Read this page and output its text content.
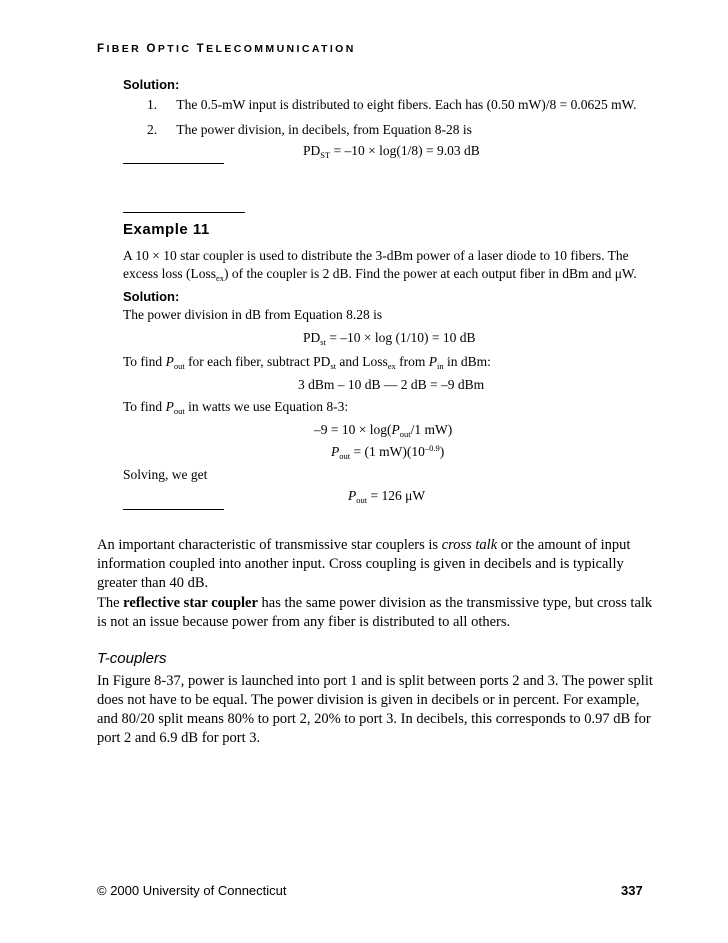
FIBER OPTIC TELECOMMUNICATION
Solution:
1. The 0.5-mW input is distributed to eight fibers. Each has (0.50 mW)/8 = 0.0625 mW.
2. The power division, in decibels, from Equation 8-28 is
$PD_{ST} = -10 \times \log(1/8) = 9.03$ dB
Example 11
A 10 × 10 star coupler is used to distribute the 3-dBm power of a laser diode to 10 fibers. The
excess loss (Loss$_{ex}$) of the coupler is 2 dB. Find the power at each output fiber in dBm and μW.
Solution:
The power division in dB from Equation 8.28 is
$PD_{st} = -10 \times \log (1/10) = 10$ dB
To find $P_{out}$ for each fiber, subtract $PD_{st}$ and Loss$_{ex}$ from $P_{in}$ in dBm:
3 dBm – 10 dB — 2 dB = –9 dBm
To find $P_{out}$ in watts we use Equation 8-3:
$-9 = 10 \times \log(P_{out}/1$ mW)
$P_{out} = (1$ $mW)(10^{-0.9})$
Solving, we get
$P_{out} = 126$ μW
An important characteristic of transmissive star couplers is cross talk or the amount of input
information coupled into another input. Cross coupling is given in decibels and is typically
greater than 40 dB.
The reflective star coupler has the same power division as the transmissive type, but cross talk
is not an issue because power from any fiber is distributed to all others.
T-couplers
In Figure 8-37, power is launched into port 1 and is split between ports 2 and 3. The power split
does not have to be equal. The power division is given in decibels or in percent. For example,
and 80/20 split means 80% to port 2, 20% to port 3. In decibels, this corresponds to 0.97 dB for
port 2 and 6.9 dB for port 3.
© 2000 University of Connecticut	337
